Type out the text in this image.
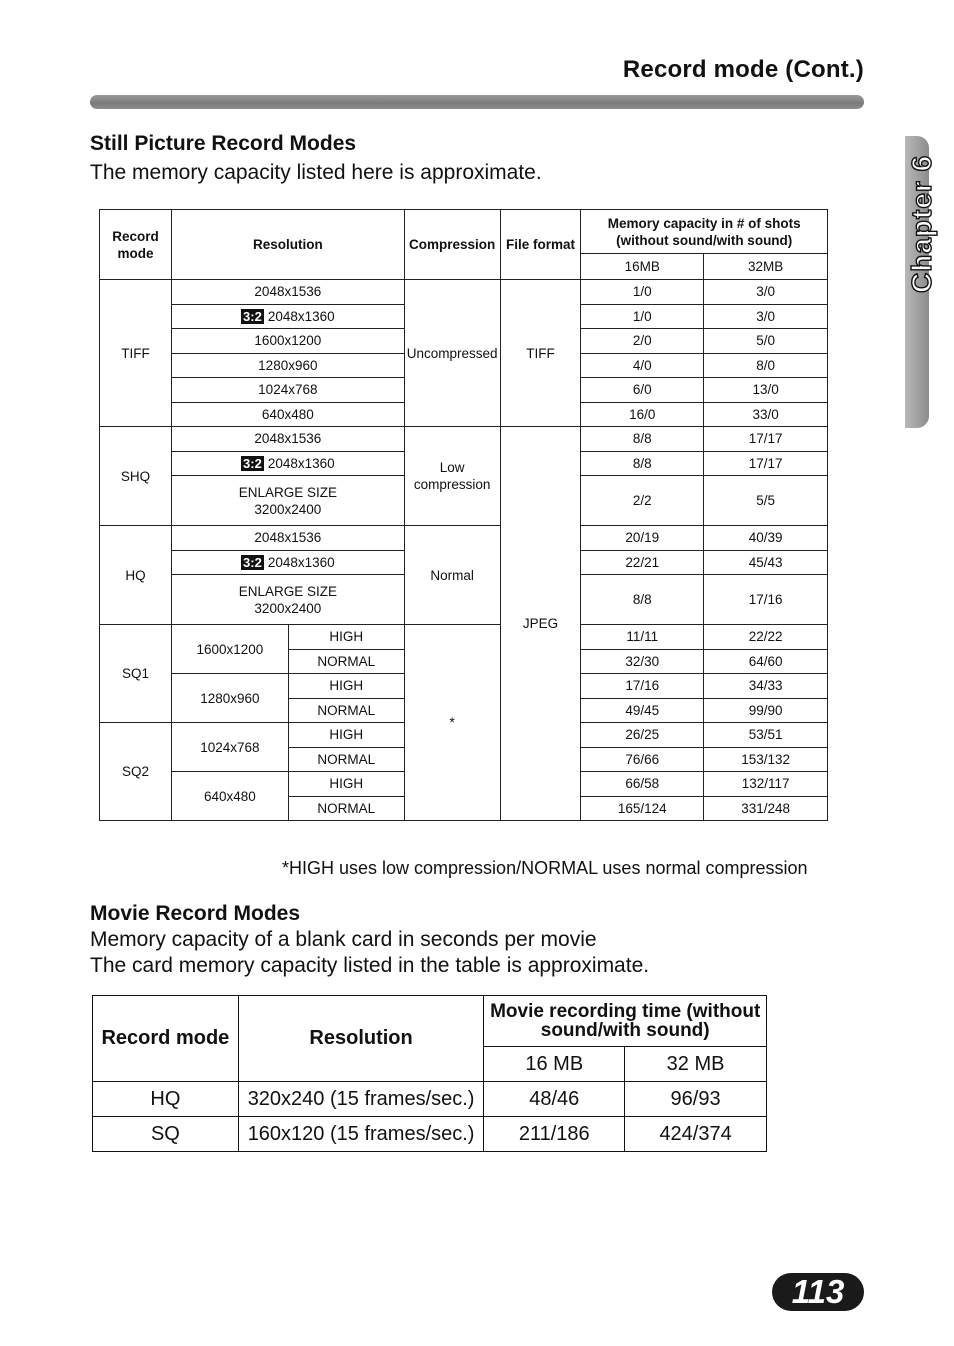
Record mode (Cont.)
Chapter 6
Still Picture Record Modes
The memory capacity listed here is approximate.
Record mode	Resolution		Compression	File format	Memory capacity in # of shots (without sound/with sound)	
					16MB	32MB
TIFF	2048x1536		Uncompressed	TIFF	1/0	3/0
	3:2 2048x1360				1/0	3/0
	1600x1200				2/0	5/0
	1280x960				4/0	8/0
	1024x768				6/0	13/0
	640x480				16/0	33/0
SHQ	2048x1536		Low compression	JPEG	8/8	17/17
	3:2 2048x1360				8/8	17/17
	ENLARGE SIZE 3200x2400				2/2	5/5
HQ	2048x1536		Normal		20/19	40/39
	3:2 2048x1360				22/21	45/43
	ENLARGE SIZE 3200x2400				8/8	17/16
SQ1	1600x1200	HIGH	*		11/11	22/22
		NORMAL			32/30	64/60
	1280x960	HIGH			17/16	34/33
		NORMAL			49/45	99/90
SQ2	1024x768	HIGH			26/25	53/51
		NORMAL			76/66	153/132
	640x480	HIGH			66/58	132/117
		NORMAL			165/124	331/248
*HIGH uses low compression/NORMAL uses normal compression
Movie Record Modes
Memory capacity of a blank card in seconds per movie
The card memory capacity listed in the table is approximate.
Record mode	Resolution	Movie recording time (without sound/with sound)	
		16 MB	32 MB
HQ	320x240 (15 frames/sec.)	48/46	96/93
SQ	160x120 (15 frames/sec.)	211/186	424/374
113
